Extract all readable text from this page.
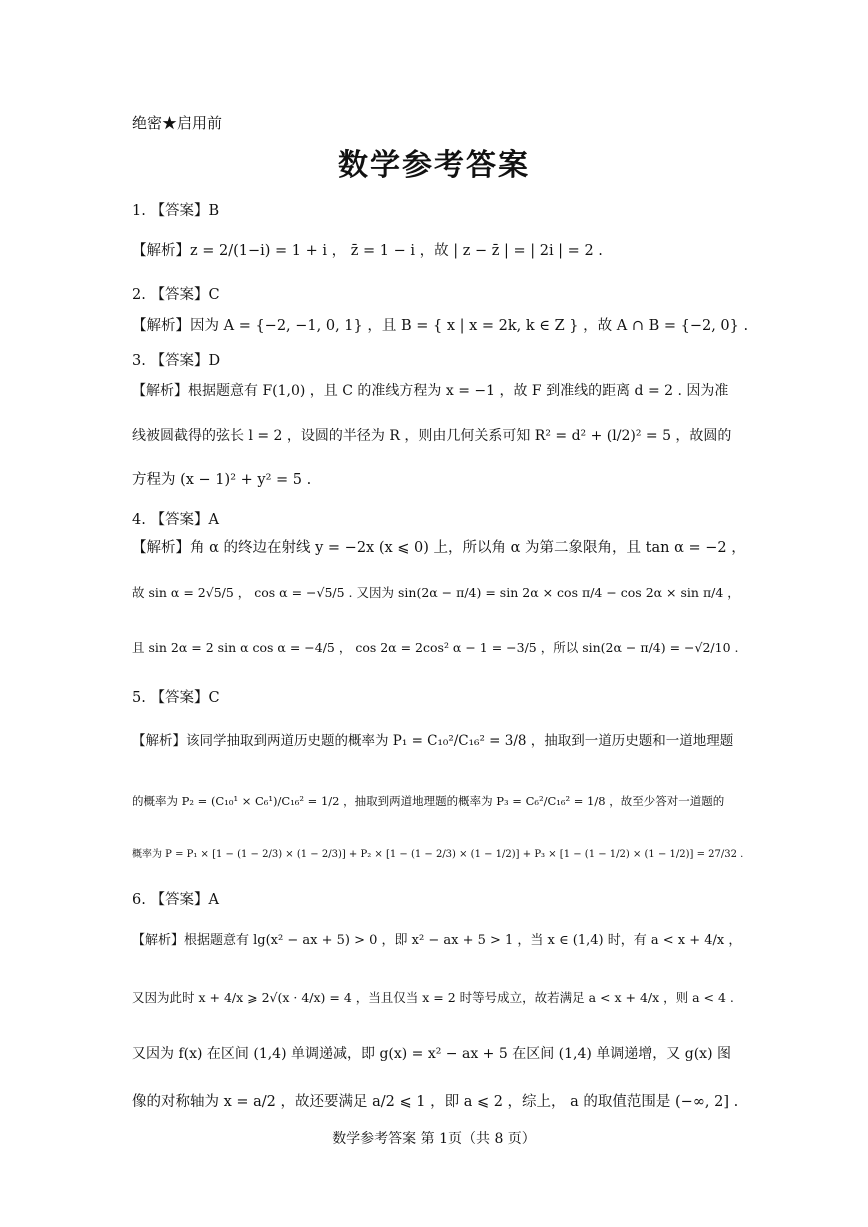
绝密★启用前
数学参考答案
1. 【答案】B
【解析】z = 2/(1−i) = 1 + i ， z̄ = 1 − i ，故 | z − z̄ | = | 2i | = 2 .
2. 【答案】C
【解析】因为 A = {−2, −1, 0, 1} ，且 B = { x | x = 2k, k ∈ Z } ，故 A ∩ B = {−2, 0} .
3. 【答案】D
【解析】根据题意有 F(1,0) ，且 C 的准线方程为 x = −1 ，故 F 到准线的距离 d = 2 . 因为准
线被圆截得的弦长 l = 2 ，设圆的半径为 R ，则由几何关系可知 R² = d² + (l/2)² = 5 ，故圆的
方程为 (x − 1)² + y² = 5 .
4. 【答案】A
【解析】角 α 的终边在射线 y = −2x (x ⩽ 0) 上，所以角 α 为第二象限角，且 tan α = −2 ，
故 sin α = 2√5/5 ， cos α = −√5/5 . 又因为 sin(2α − π/4) = sin 2α × cos π/4 − cos 2α × sin π/4 ，
且 sin 2α = 2 sin α cos α = −4/5 ， cos 2α = 2cos² α − 1 = −3/5 ，所以 sin(2α − π/4) = −√2/10 .
5. 【答案】C
【解析】该同学抽取到两道历史题的概率为 P₁ = C₁₀²/C₁₆² = 3/8 ，抽取到一道历史题和一道地理题
的概率为 P₂ = (C₁₀¹ × C₆¹)/C₁₆² = 1/2 ，抽取到两道地理题的概率为 P₃ = C₆²/C₁₆² = 1/8 ，故至少答对一道题的
概率为 P = P₁ × [1 − (1 − 2/3) × (1 − 2/3)] + P₂ × [1 − (1 − 2/3) × (1 − 1/2)] + P₃ × [1 − (1 − 1/2) × (1 − 1/2)] = 27/32 .
6. 【答案】A
【解析】根据题意有 lg(x² − ax + 5) > 0 ，即 x² − ax + 5 > 1 ，当 x ∈ (1,4) 时，有 a < x + 4/x ，
又因为此时 x + 4/x ⩾ 2√(x · 4/x) = 4 ，当且仅当 x = 2 时等号成立，故若满足 a < x + 4/x ，则 a < 4 .
又因为 f(x) 在区间 (1,4) 单调递减，即 g(x) = x² − ax + 5 在区间 (1,4) 单调递增，又 g(x) 图
像的对称轴为 x = a/2 ，故还要满足 a/2 ⩽ 1 ，即 a ⩽ 2 ，综上， a 的取值范围是 (−∞, 2] .
数学参考答案 第 1页（共 8 页）
